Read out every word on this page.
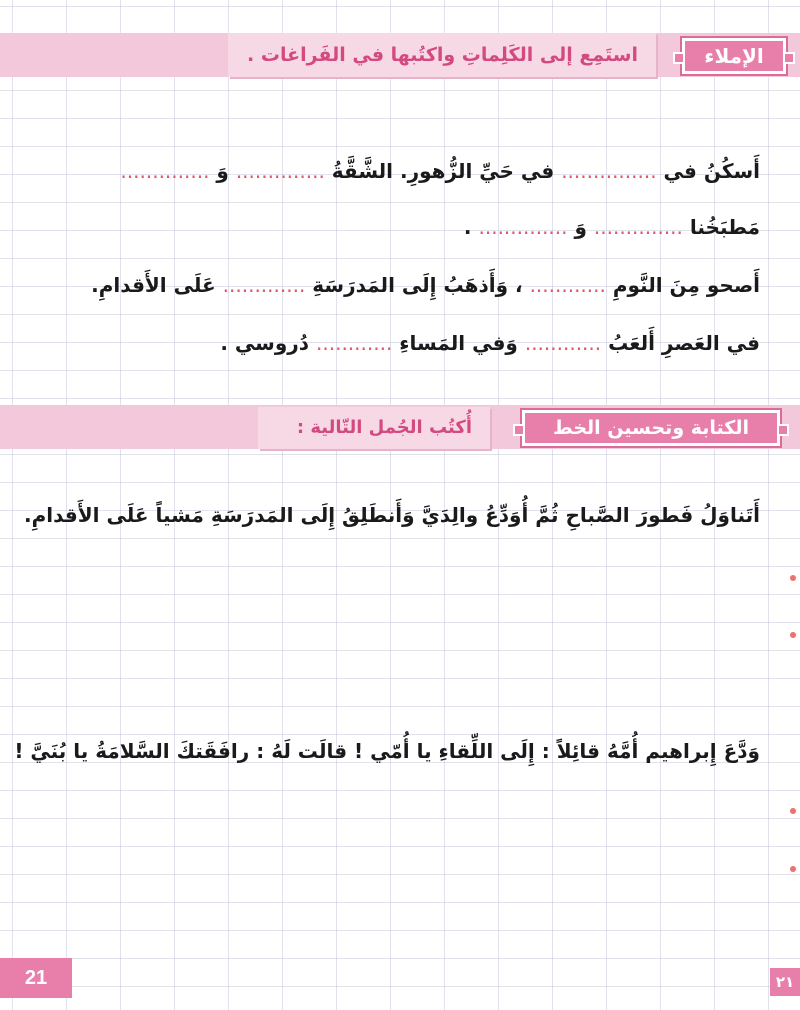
استَمِع إلى الكَلِماتِ واكتُبها في الفَراغات .	الإملاء
أَسكُنُ في ............... في حَيِّ الزُّهورِ. الشَّقَّةُ .............. وَ ..............
مَطبَخُنا .............. وَ .............. .
أَصحو مِنَ النَّومِ ............ ، وَأَذهَبُ إِلَى المَدرَسَةِ ............. عَلَى الأَقدامِ.
في العَصرِ أَلعَبُ ............ وَفي المَساءِ ............ دُروسي .
أُكتُب الجُمل التّالية :	الكتابة وتحسين الخط
أَتَناوَلُ فَطورَ الصَّباحِ ثُمَّ أُوَدِّعُ والِدَيَّ وَأَنطَلِقُ إِلَى المَدرَسَةِ مَشياً عَلَى الأَقدامِ.
وَدَّعَ إِبراهيم أُمَّهُ قائِلاً : إِلَى اللِّقاءِ يا أُمّي ! قالَت لَهُ : رافَقَتكَ السَّلامَةُ يا بُنَيَّ !
21	٢١
